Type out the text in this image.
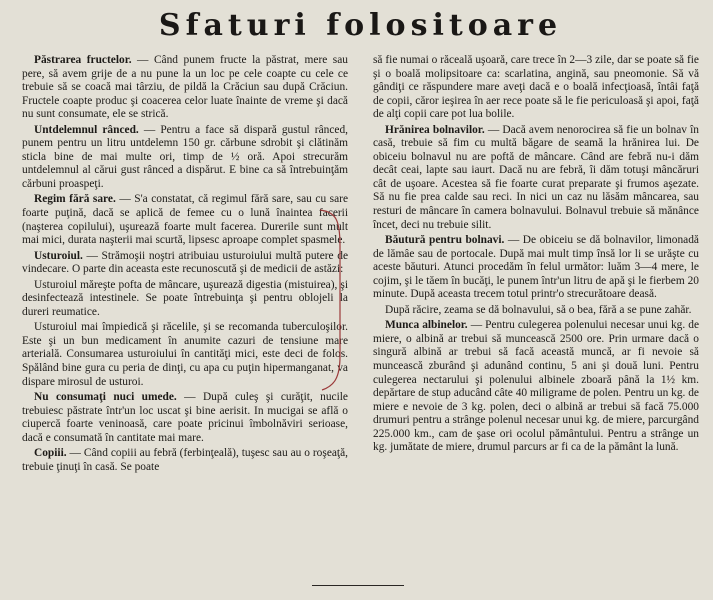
Sfaturi folositoare

Păstrarea fructelor. — Când punem fructe la păstrat, mere sau pere, să avem grije de a nu pune la un loc pe cele coapte cu cele ce trebuie să se coacă mai târziu, de pildă la Crăciun sau după Crăciun. Fructele coapte produc şi coacerea celor luate înainte de vreme şi dacă nu sunt consumate, ele se strică.

Untdelemnul rânced. — Pentru a face să dispară gustul rânced, punem pentru un litru untdelemn 150 gr. cărbune sdrobit şi clătinăm sticla bine de mai multe ori, timp de ½ oră. Apoi strecurăm untdelemnul al cărui gust rânced a dispărut. E bine ca să întrebuinţăm cărbuni proaspeţi.

Regim fără sare. — S'a constatat, că regimul fără sare, sau cu sare foarte puţină, dacă se aplică de femee cu o lună înaintea facerii (naşterea copilului), uşurează foarte mult facerea. Durerile sunt mult mai mici, durata naşterii mai scurtă, lipsesc aproape complet spasmele.

Usturoiul. — Strămoşii noştri atribuiau usturoiului multă putere de vindecare. O parte din aceasta este recunoscută şi de medicii de astăzi:

Usturoiul măreşte pofta de mâncare, uşurează digestia (mistuirea), şi desinfectează intestinele. Se poate întrebuinţa şi pentru oblojeli la dureri reumatice.

Usturoiul mai împiedică şi răcelile, şi se recomanda tuberculoşilor. Este şi un bun medicament în anumite cazuri de tensiune mare arterială. Consumarea usturoiului în cantităţi mici, este deci de folos. Spălând bine gura cu peria de dinţi, cu apa cu puţin hipermanganat, va dispare mirosul de usturoi.

Nu consumaţi nuci umede. — După culeş şi curăţit, nucile trebuiesc păstrate într'un loc uscat şi bine aerisit. In mucigai se află o ciupercă foarte veninoasă, care poate pricinui îmbolnăviri serioase, dacă e consumată în cantitate mai mare.

Copiii. — Când copiii au febră (ferbinţeală), tuşesc sau au o roşeaţă, trebuie ţinuţi în casă. Se poate

să fie numai o răceală uşoară, care trece în 2—3 zile, dar se poate să fie şi o boală molipsitoare ca: scarlatina, angină, sau pneomonie. Să vă gândiţi ce răspundere mare aveţi dacă e o boală infecţioasă, întâi faţă de copii, căror ieşirea în aer rece poate să le fie periculoasă şi apoi, faţă de alţi copii care pot lua bolile.

Hrănirea bolnavilor. — Dacă avem nenorocirea să fie un bolnav în casă, trebuie să fim cu multă băgare de seamă la hrănirea lui. De obiceiu bolnavul nu are poftă de mâncare. Când are febră nu-i dăm decât ceai, lapte sau iaurt. Dacă nu are febră, îi dăm totuşi mâncăruri cât de uşoare. Acestea să fie foarte curat preparate şi frumos aşezate. Să nu fie prea calde sau reci. In nici un caz nu lăsăm mâncarea, sau resturi de mâncare în camera bolnavului. Bolnavul trebuie să mănânce încet, deci nu trebuie silit.

Băutură pentru bolnavi. — De obiceiu se dă bolnavilor, limonadă de lămâe sau de portocale. După mai mult timp însă lor li se urăşte cu aceste băuturi. Atunci procedăm în felul următor: luăm 3—4 mere, le cojim, şi le tăem în bucăţi, le punem într'un litru de apă şi le fierbem 20 minute. După aceasta trecem totul printr'o strecurătoare deasă.

După răcire, zeama se dă bolnavului, să o bea, fără a se pune zahăr.

Munca albinelor. — Pentru culegerea polenului necesar unui kg. de miere, o albină ar trebui să muncească 2500 ore. Prin urmare dacă o singură albină ar trebui să facă această muncă, ar fi nevoie să muncească zburând şi adunând continu, 5 ani şi două luni. Pentru culegerea nectarului şi polenului albinele zboară până la 1½ km. depărtare de stup aducând câte 40 miligrame de polen. Pentru un kg. de miere e nevoie de 3 kg. polen, deci o albină ar trebui să facă 75.000 drumuri pentru a strânge polenul necesar unui kg. de miere, parcurgând 225.000 km., cam de şase ori ocolul pământului. Pentru a strânge un kg. jumătate de miere, drumul parcurs ar fi ca de la pământ la lună.
